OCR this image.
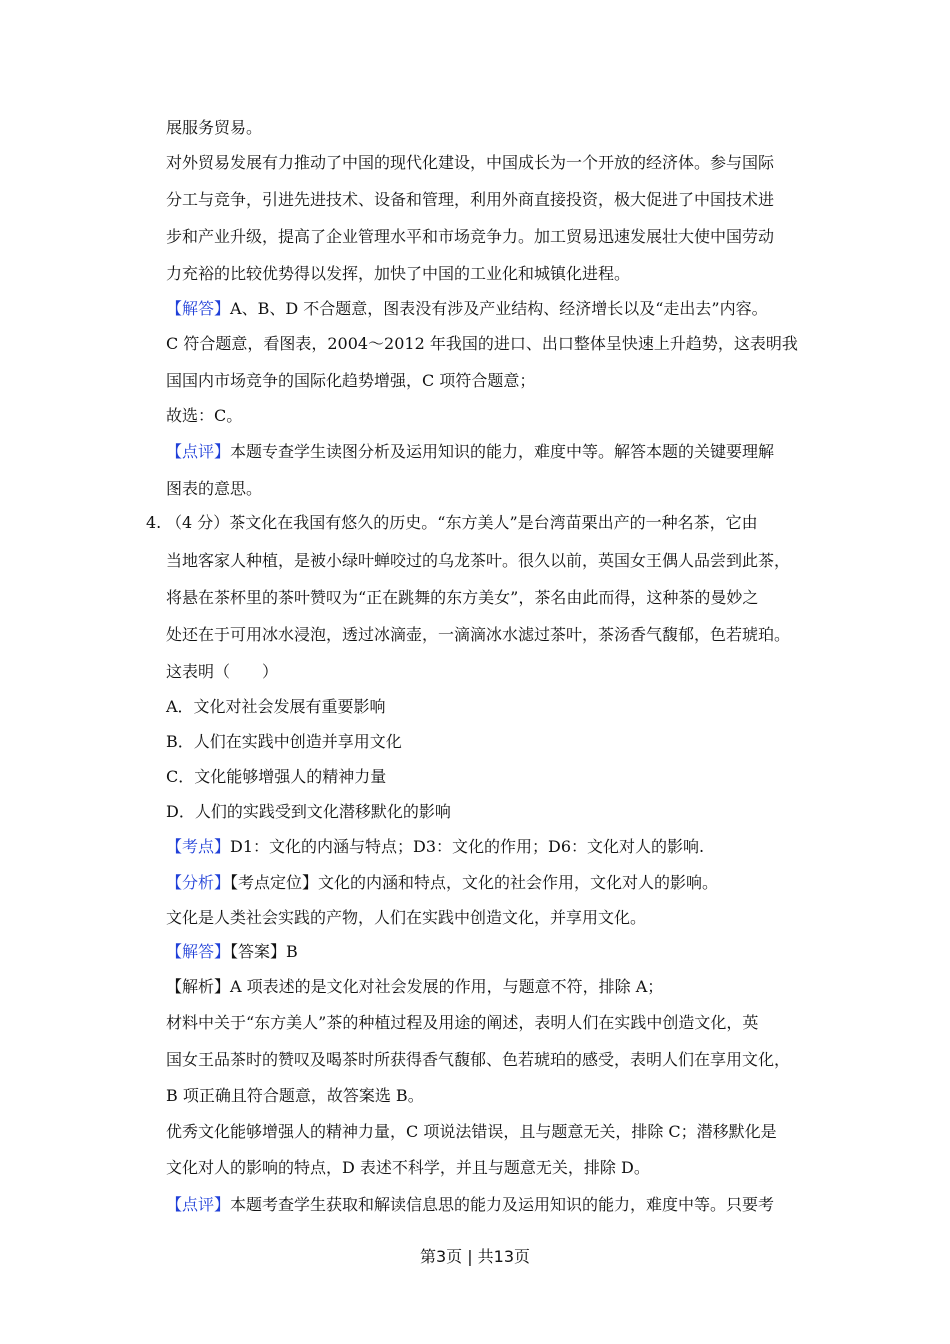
4.
展服务贸易。
对外贸易发展有力推动了中国的现代化建设，中国成长为一个开放的经济体。参与国际
分工与竞争，引进先进技术、设备和管理，利用外商直接投资，极大促进了中国技术进
步和产业升级，提高了企业管理水平和市场竞争力。加工贸易迅速发展壮大使中国劳动
力充裕的比较优势得以发挥，加快了中国的工业化和城镇化进程。
【解答】A、B、D 不合题意，图表没有涉及产业结构、经济增长以及“走出去”内容。
C 符合题意，看图表，2004～2012 年我国的进口、出口整体呈快速上升趋势，这表明我
国国内市场竞争的国际化趋势增强，C 项符合题意；
故选：C。
【点评】本题专查学生读图分析及运用知识的能力，难度中等。解答本题的关键要理解
图表的意思。
（4 分）茶文化在我国有悠久的历史。“东方美人”是台湾苗栗出产的一种名茶，它由
当地客家人种植，是被小绿叶蝉咬过的乌龙茶叶。很久以前，英国女王偶人品尝到此茶，
将悬在茶杯里的茶叶赞叹为“正在跳舞的东方美女”，茶名由此而得，这种茶的曼妙之
处还在于可用冰水浸泡，透过冰滴壶，一滴滴冰水滤过茶叶，茶汤香气馥郁，色若琥珀。
这表明（　　）
A．文化对社会发展有重要影响
B．人们在实践中创造并享用文化
C．文化能够增强人的精神力量
D．人们的实践受到文化潜移默化的影响
【考点】D1：文化的内涵与特点；D3：文化的作用；D6：文化对人的影响.
【分析】【考点定位】文化的内涵和特点，文化的社会作用，文化对人的影响。
文化是人类社会实践的产物，人们在实践中创造文化，并享用文化。
【解答】【答案】B
【解析】A 项表述的是文化对社会发展的作用，与题意不符，排除 A；
材料中关于“东方美人”茶的种植过程及用途的阐述，表明人们在实践中创造文化，英
国女王品茶时的赞叹及喝茶时所获得香气馥郁、色若琥珀的感受，表明人们在享用文化，
B 项正确且符合题意，故答案选 B。
优秀文化能够增强人的精神力量，C 项说法错误，且与题意无关，排除 C；潜移默化是
文化对人的影响的特点，D 表述不科学，并且与题意无关，排除 D。
【点评】本题考查学生获取和解读信息思的能力及运用知识的能力，难度中等。只要考
第3页 | 共13页
